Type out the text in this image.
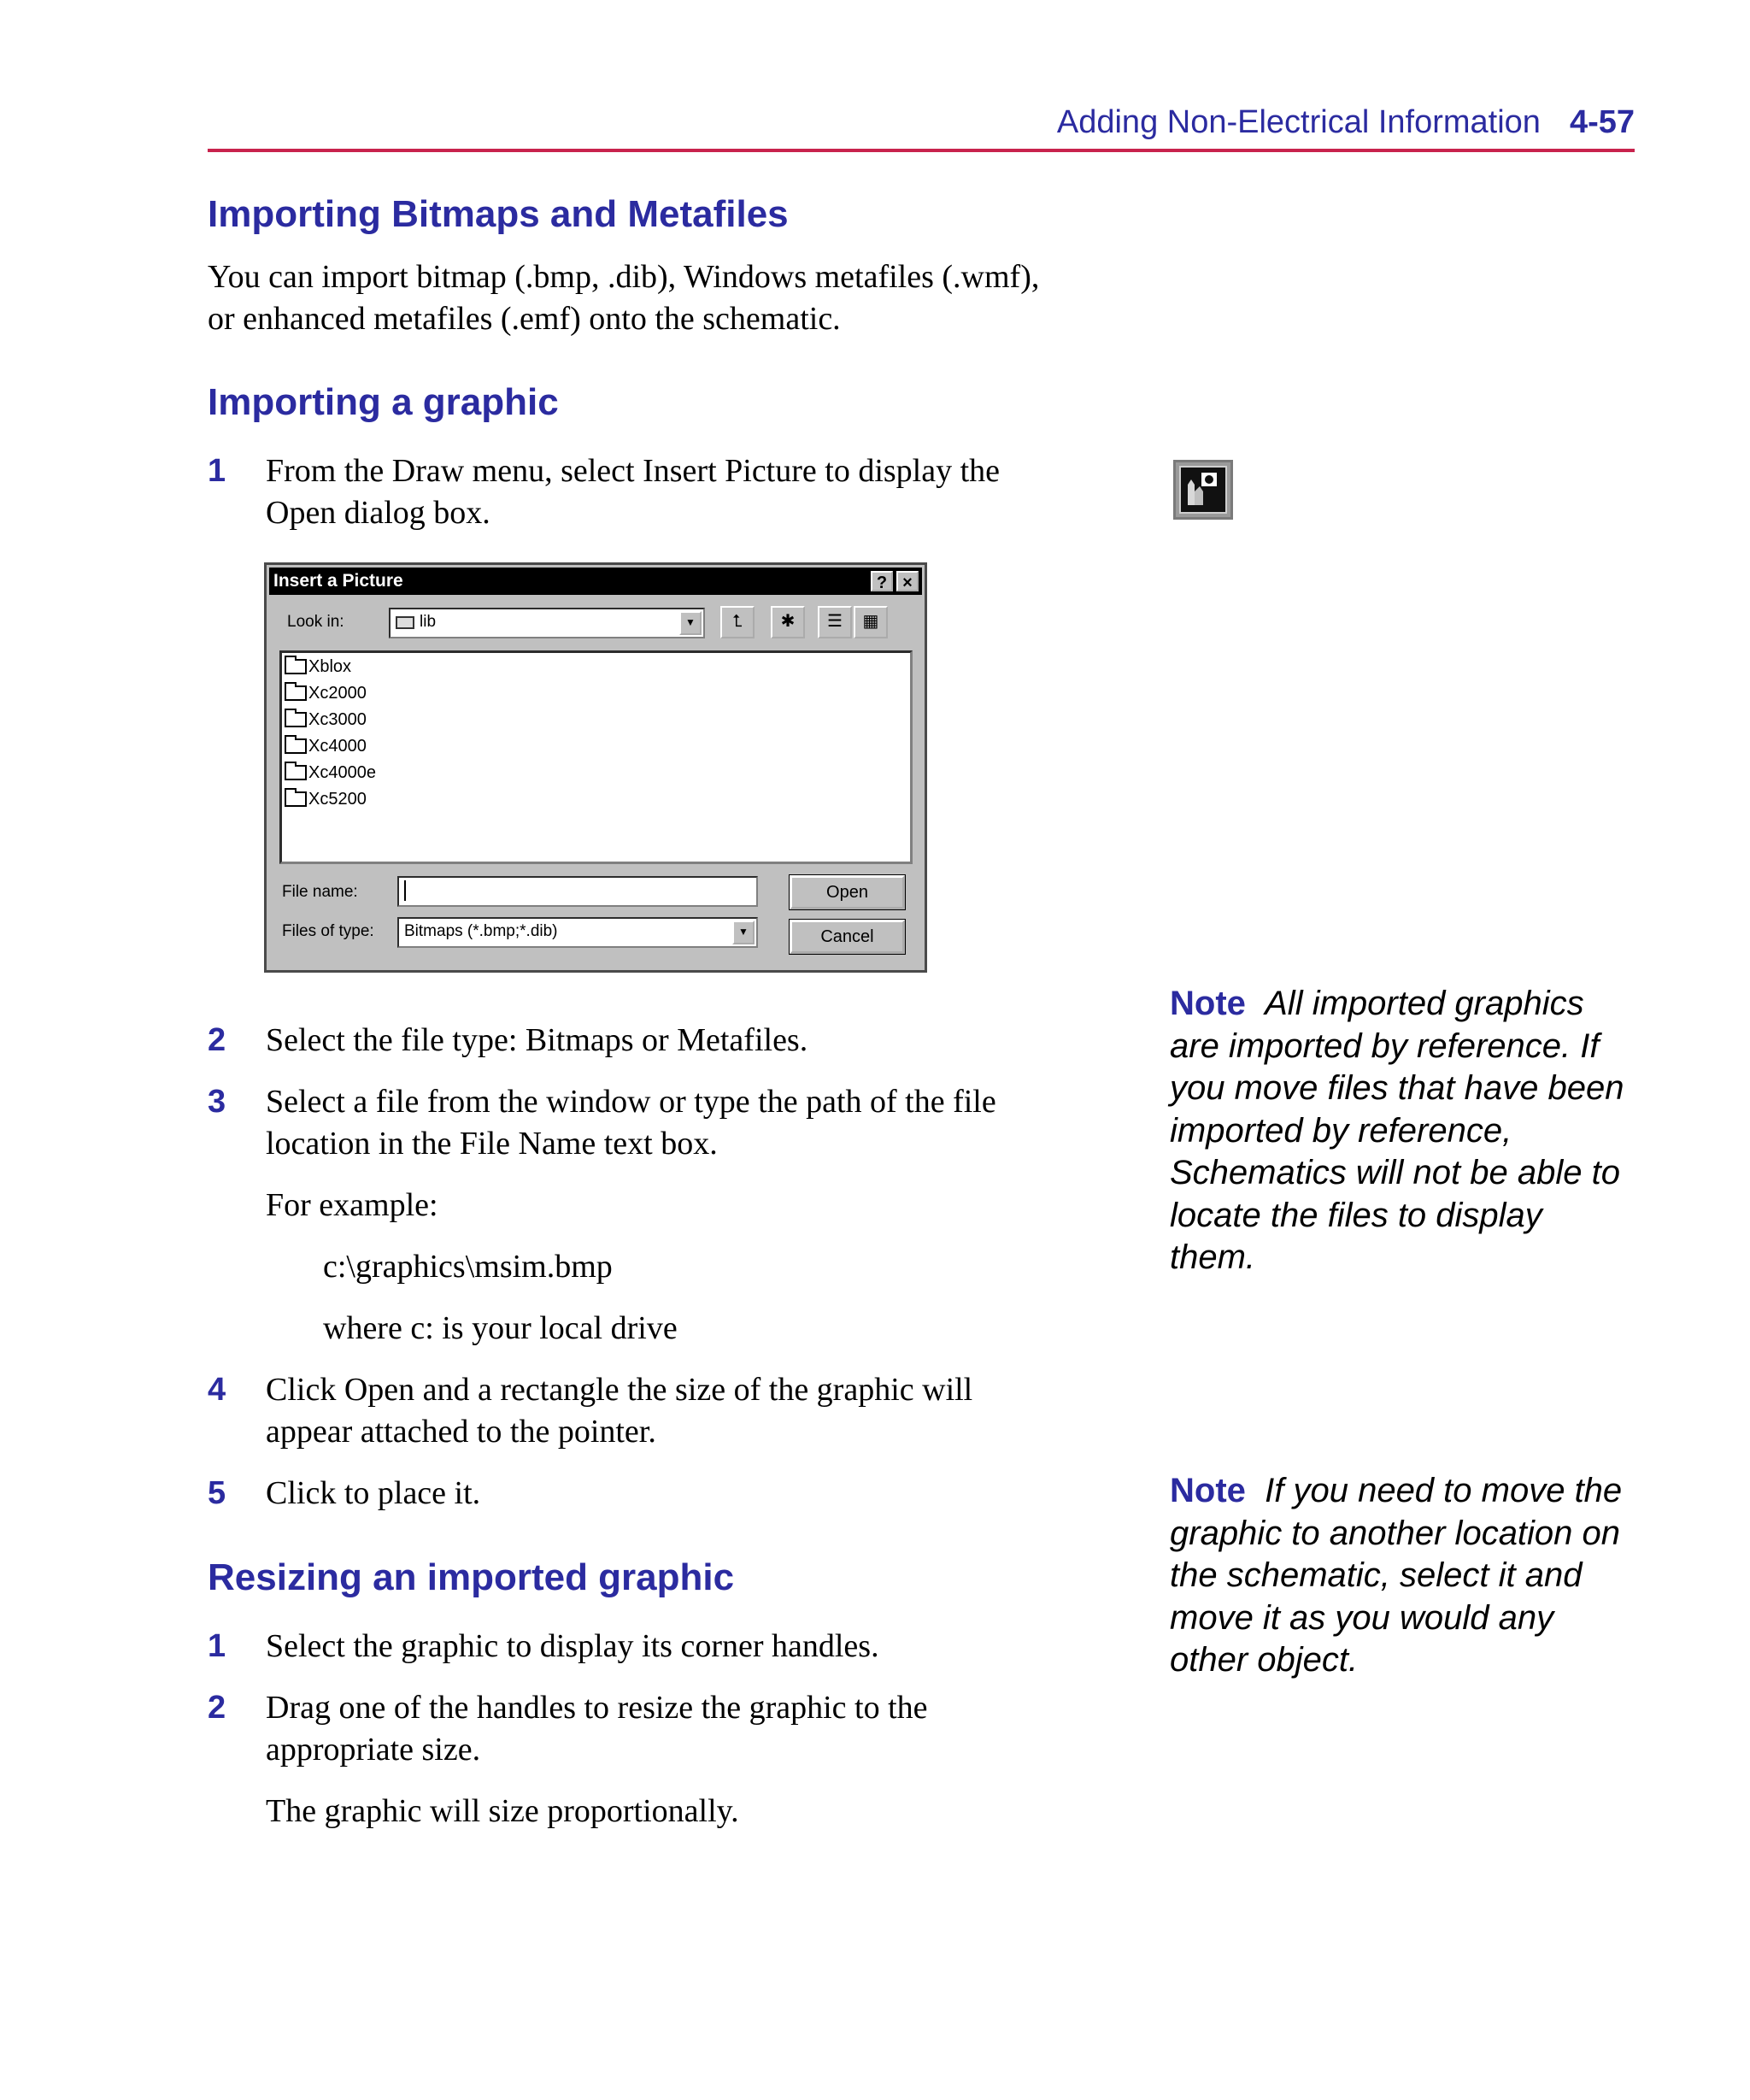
Adding Non-Electrical Information 4-57
Importing Bitmaps and Metafiles
You can import bitmap (.bmp, .dib), Windows metafiles (.wmf),
or enhanced metafiles (.emf) onto the schematic.
Importing a graphic
1 From the Draw menu, select Insert Picture to display the
Open dialog box.
Insert a Picture	? ×
Look in:	lib	▼	⮤	✱	☰	▦
Xblox
Xc2000
Xc3000
Xc4000
Xc4000e
Xc5200
File name:	Open
Files of type:	Bitmaps (*.bmp;*.dib)	▼	Cancel
2 Select the file type: Bitmaps or Metafiles.
3 Select a file from the window or type the path of the file
location in the File Name text box.
For example:
c:\graphics\msim.bmp
where c: is your local drive
4 Click Open and a rectangle the size of the graphic will
appear attached to the pointer.
5 Click to place it.
Resizing an imported graphic
1 Select the graphic to display its corner handles.
2 Drag one of the handles to resize the graphic to the
appropriate size.
The graphic will size proportionally.
Note All imported graphics
are imported by reference. If
you move files that have been
imported by reference,
Schematics will not be able to
locate the files to display
them.
Note If you need to move the
graphic to another location on
the schematic, select it and
move it as you would any
other object.
